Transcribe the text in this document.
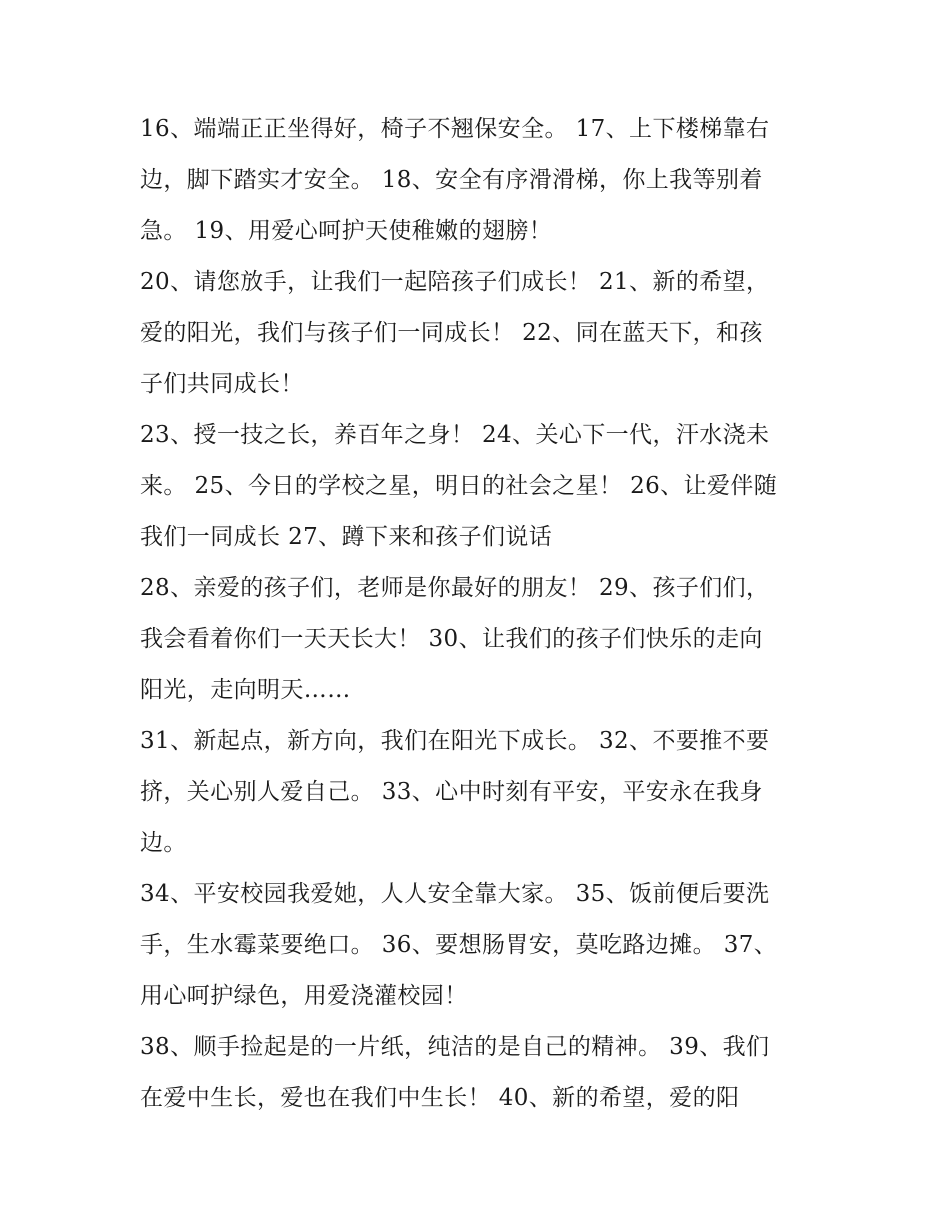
16、端端正正坐得好，椅子不翘保安全。 17、上下楼梯靠右
边，脚下踏实才安全。 18、安全有序滑滑梯，你上我等别着
急。 19、用爱心呵护天使稚嫩的翅膀！
20、请您放手，让我们一起陪孩子们成长！ 21、新的希望，
爱的阳光，我们与孩子们一同成长！ 22、同在蓝天下，和孩
子们共同成长！
23、授一技之长，养百年之身！ 24、关心下一代，汗水浇未
来。 25、今日的学校之星，明日的社会之星！ 26、让爱伴随
我们一同成长 27、蹲下来和孩子们说话
28、亲爱的孩子们，老师是你最好的朋友！ 29、孩子们们，
我会看着你们一天天长大！ 30、让我们的孩子们快乐的走向
阳光，走向明天……
31、新起点，新方向，我们在阳光下成长。 32、不要推不要
挤，关心别人爱自己。 33、心中时刻有平安，平安永在我身
边。
34、平安校园我爱她，人人安全靠大家。 35、饭前便后要洗
手，生水霉菜要绝口。 36、要想肠胃安，莫吃路边摊。 37、
用心呵护绿色，用爱浇灌校园！
38、顺手捡起是的一片纸，纯洁的是自己的精神。 39、我们
在爱中生长，爱也在我们中生长！ 40、新的希望，爱的阳
